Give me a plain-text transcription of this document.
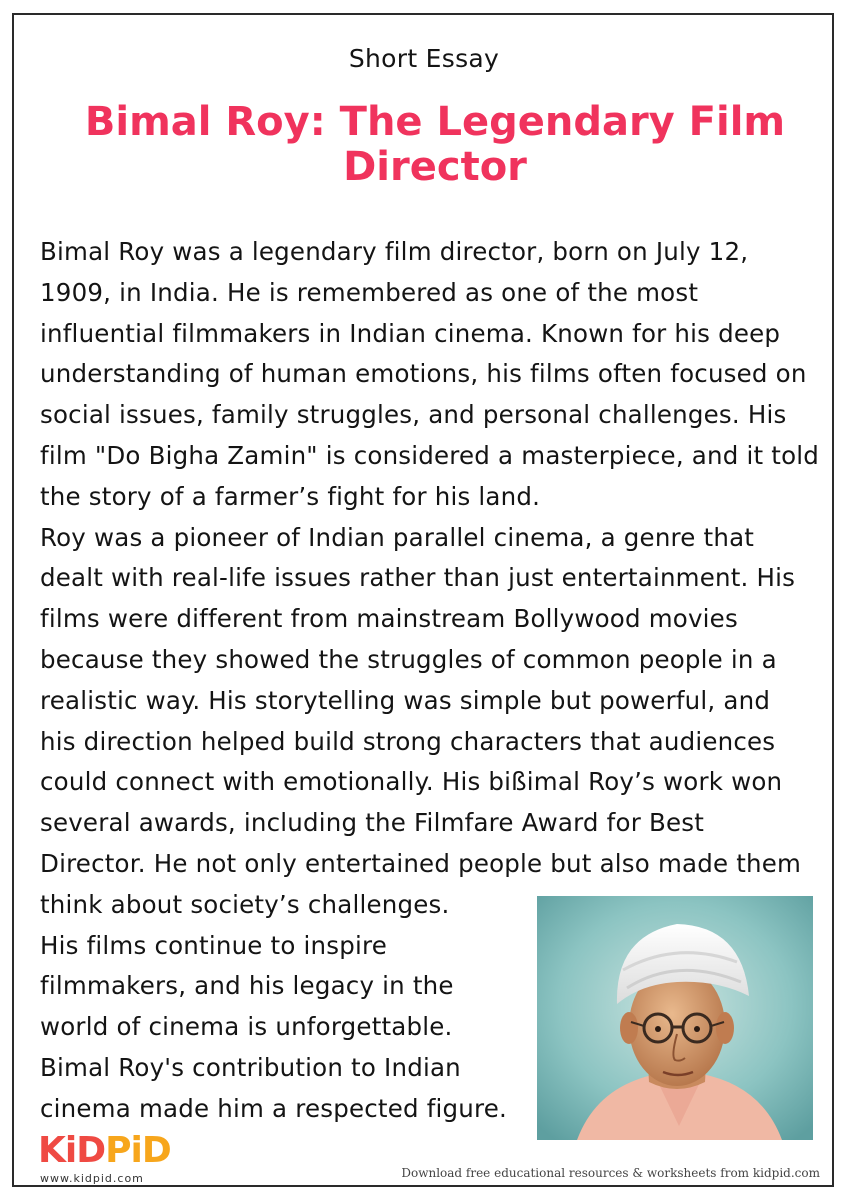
Short Essay
Bimal Roy: The Legendary Film
Director
Bimal Roy was a legendary film director, born on July 12,
1909, in India. He is remembered as one of the most
influential filmmakers in Indian cinema. Known for his deep
understanding of human emotions, his films often focused on
social issues, family struggles, and personal challenges. His
film "Do Bigha Zamin" is considered a masterpiece, and it told
the story of a farmer’s fight for his land.
Roy was a pioneer of Indian parallel cinema, a genre that
dealt with real-life issues rather than just entertainment. His
films were different from mainstream Bollywood movies
because they showed the struggles of common people in a
realistic way. His storytelling was simple but powerful, and
his direction helped build strong characters that audiences
could connect with emotionally. His bißimal Roy’s work won
several awards, including the Filmfare Award for Best
Director. He not only entertained people but also made them
think about society’s challenges.
His films continue to inspire
filmmakers, and his legacy in the
world of cinema is unforgettable.
Bimal Roy's contribution to Indian
cinema made him a respected figure.
KiDPiD
www.kidpid.com	Download free educational resources & worksheets from kidpid.com
